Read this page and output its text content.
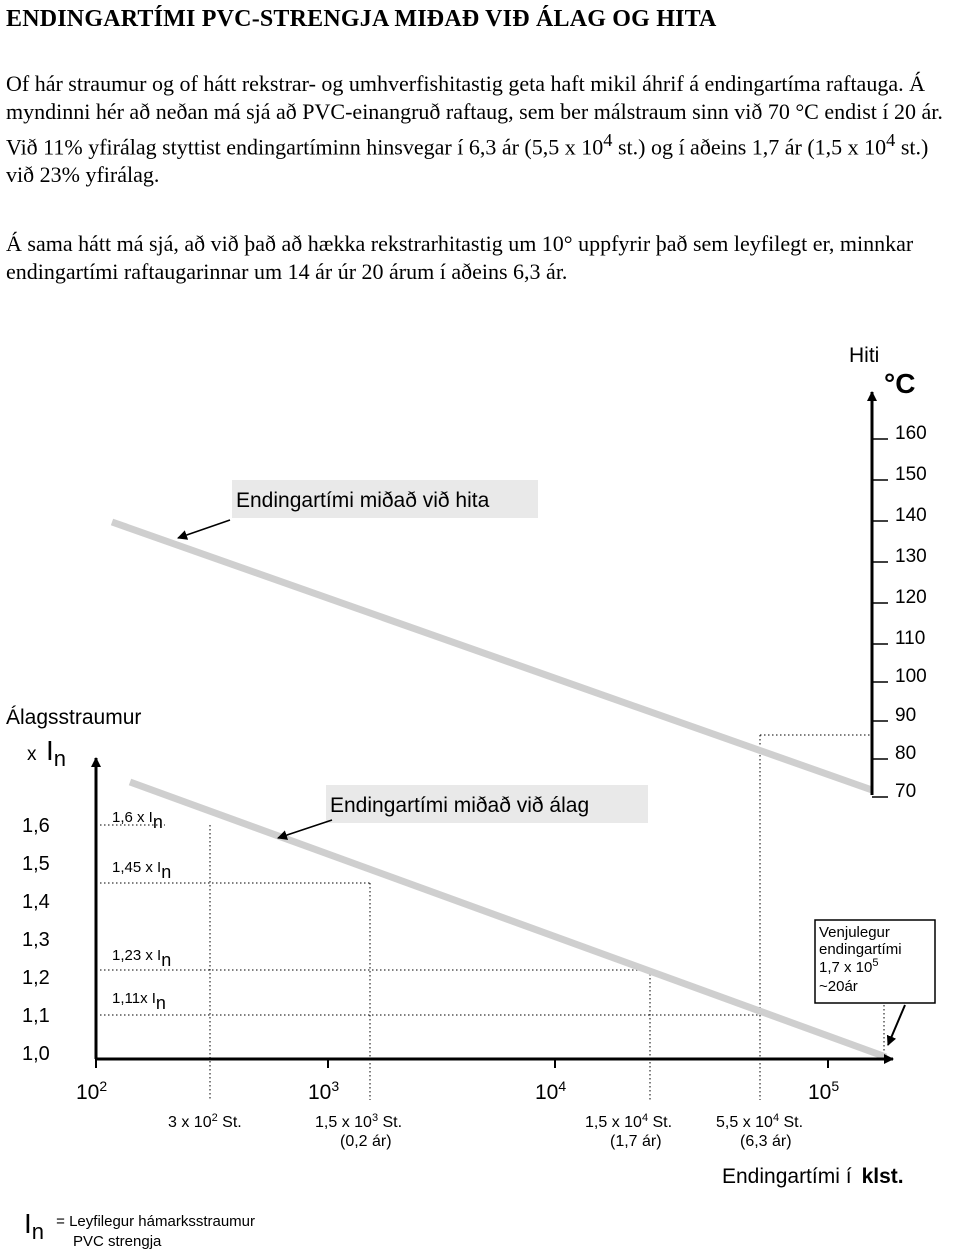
ENDINGARTÍMI PVC-STRENGJA MIÐAÐ VIÐ ÁLAG OG HITA
Of hár straumur og of hátt rekstrar- og umhverfishitastig geta haft mikil áhrif á endingartíma raftauga. Á myndinni hér að neðan má sjá að PVC-einangruð raftaug, sem ber málstraum sinn við 70 °C endist í 20 ár. Við 11% yfirálag styttist endingartíminn hinsvegar í 6,3 ár (5,5 x $10^4$ st.) og í aðeins 1,7 ár (1,5 x $10^4$ st.) við 23% yfirálag.
Á sama hátt má sjá, að við það að hækka rekstrarhitastig um 10° uppfyrir það sem leyfilegt er, minnkar endingartími raftaugarinnar um 14 ár úr 20 árum í aðeins 6,3 ár.
Álagsstraumur
x $I_n$
1,6
1,5
1,4
1,3
1,2
1,1
1,0
Hiti
°C
160
150
140
130
120
110
100
90
80
70
$10^2$	$10^3$	$10^4$	$10^5$
1,6 x In
1,45 x In
1,23 x In
1,11x In
3 x $10^2$ St.	1,5 x $10^3$ St.
(0,2 ár)
1,5 x $10^4$ St.
(1,7 ár)
5,5 x $10^4$ St.
(6,3 ár)
Endingartími miðað við hita
Endingartími miðað við álag
Venjulegur
endingartími
1,7 x $10^5$
~20ár
Endingartími í klst.
$I_n$ = Leyfilegur hámarksstraumur
PVC strengja
